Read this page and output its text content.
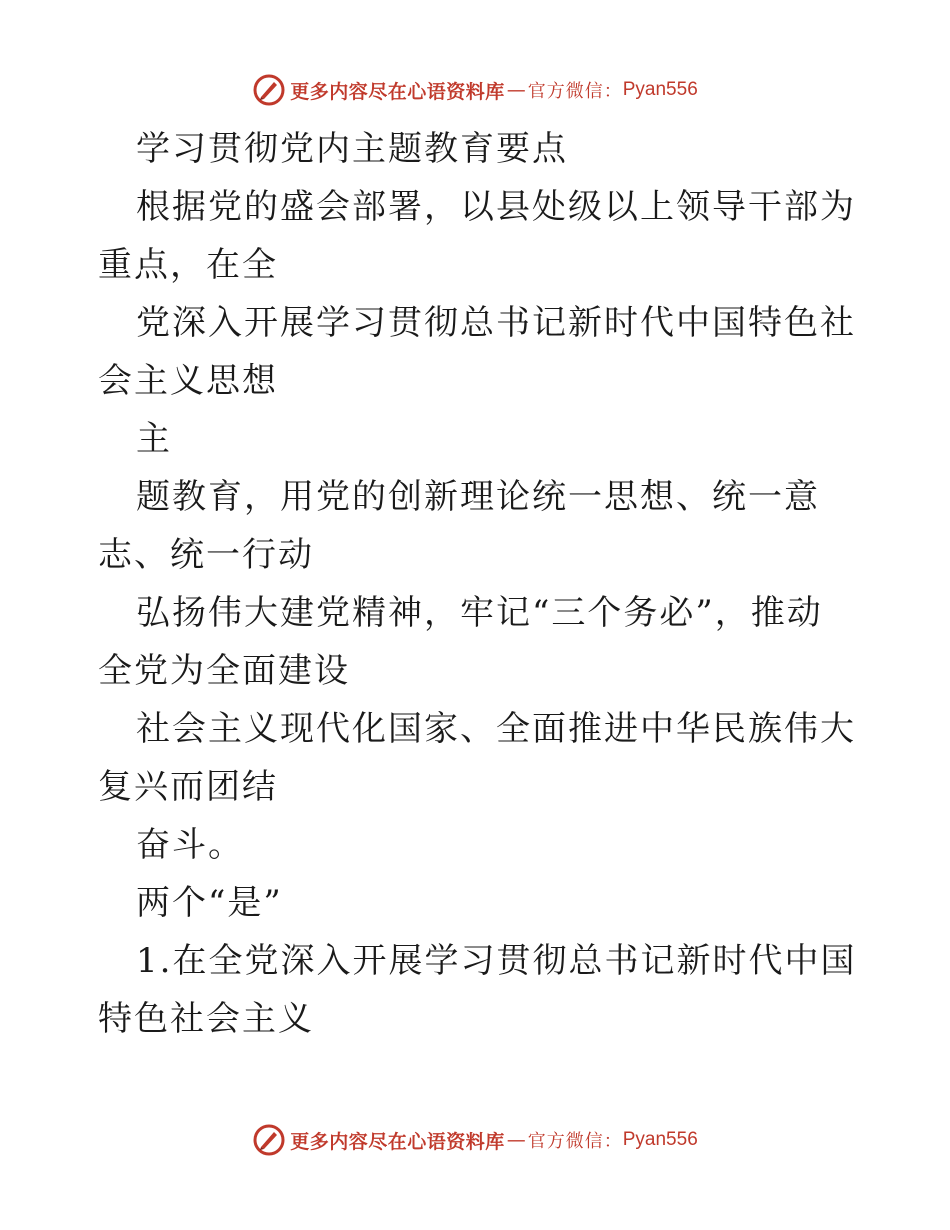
更多内容尽在心语资料库 — 官方微信： Pyan556

学习贯彻党内主题教育要点

根据党的盛会部署，以县处级以上领导干部为重点，在全

党深入开展学习贯彻总书记新时代中国特色社会主义思想

主

题教育，用党的创新理论统一思想、统一意志、统一行动

弘扬伟大建党精神，牢记“三个务必”，推动全党为全面建设

社会主义现代化国家、全面推进中华民族伟大复兴而团结

奋斗。

两个“是”

1.在全党深入开展学习贯彻总书记新时代中国特色社会主义

更多内容尽在心语资料库 — 官方微信： Pyan556
